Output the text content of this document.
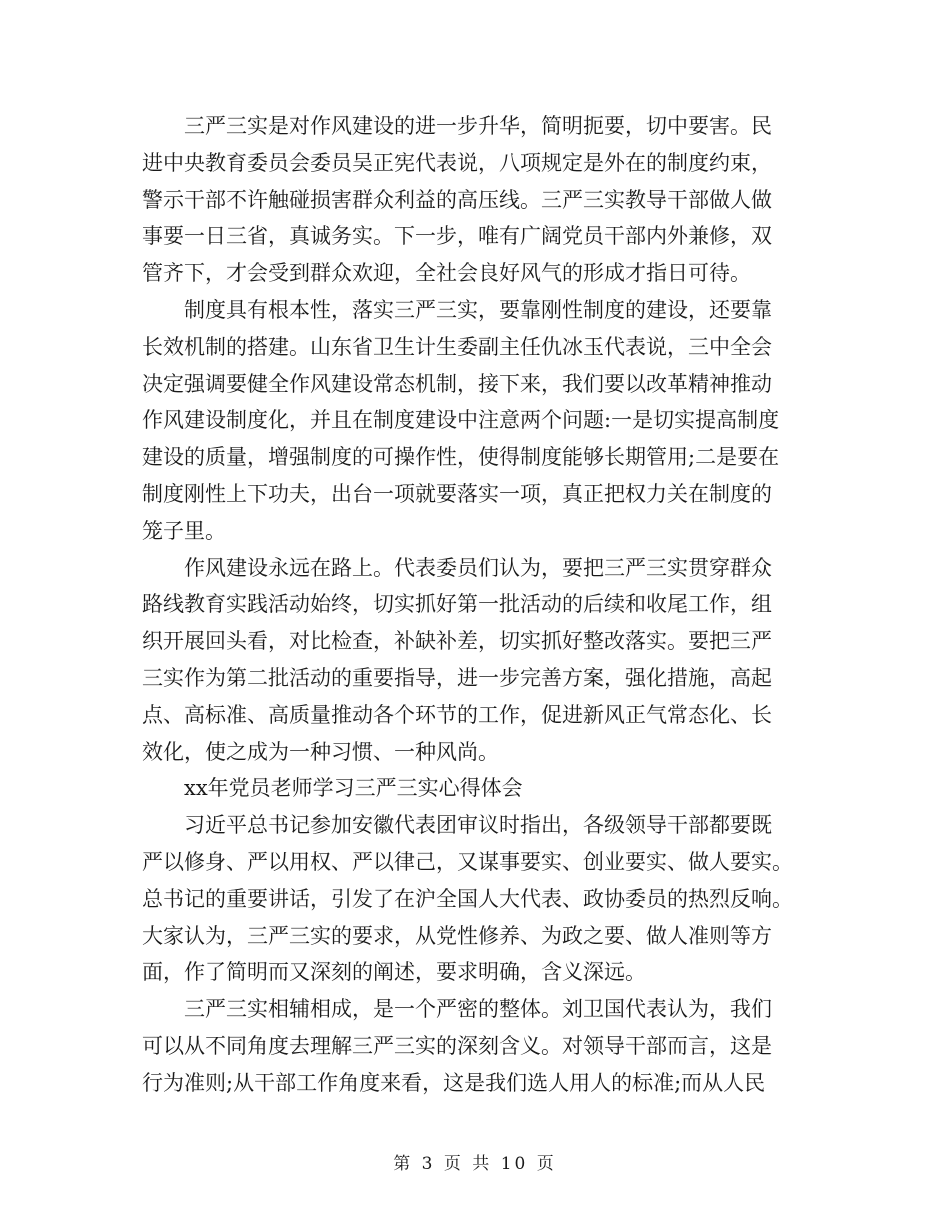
三严三实是对作风建设的进一步升华，简明扼要，切中要害。民
进中央教育委员会委员吴正宪代表说，八项规定是外在的制度约束，
警示干部不许触碰损害群众利益的高压线。三严三实教导干部做人做
事要一日三省，真诚务实。下一步，唯有广阔党员干部内外兼修，双
管齐下，才会受到群众欢迎，全社会良好风气的形成才指日可待。

制度具有根本性，落实三严三实，要靠刚性制度的建设，还要靠
长效机制的搭建。山东省卫生计生委副主任仇冰玉代表说，三中全会
决定强调要健全作风建设常态机制，接下来，我们要以改革精神推动
作风建设制度化，并且在制度建设中注意两个问题:一是切实提高制度
建设的质量，增强制度的可操作性，使得制度能够长期管用;二是要在
制度刚性上下功夫，出台一项就要落实一项，真正把权力关在制度的
笼子里。

作风建设永远在路上。代表委员们认为，要把三严三实贯穿群众
路线教育实践活动始终，切实抓好第一批活动的后续和收尾工作，组
织开展回头看，对比检查，补缺补差，切实抓好整改落实。要把三严
三实作为第二批活动的重要指导，进一步完善方案，强化措施，高起
点、高标准、高质量推动各个环节的工作，促进新风正气常态化、长
效化，使之成为一种习惯、一种风尚。

xx年党员老师学习三严三实心得体会

习近平总书记参加安徽代表团审议时指出，各级领导干部都要既
严以修身、严以用权、严以律己，又谋事要实、创业要实、做人要实。
总书记的重要讲话，引发了在沪全国人大代表、政协委员的热烈反响。
大家认为，三严三实的要求，从党性修养、为政之要、做人准则等方
面，作了简明而又深刻的阐述，要求明确，含义深远。

三严三实相辅相成，是一个严密的整体。刘卫国代表认为，我们
可以从不同角度去理解三严三实的深刻含义。对领导干部而言，这是
行为准则;从干部工作角度来看，这是我们选人用人的标准;而从人民

第 3 页 共 10 页
